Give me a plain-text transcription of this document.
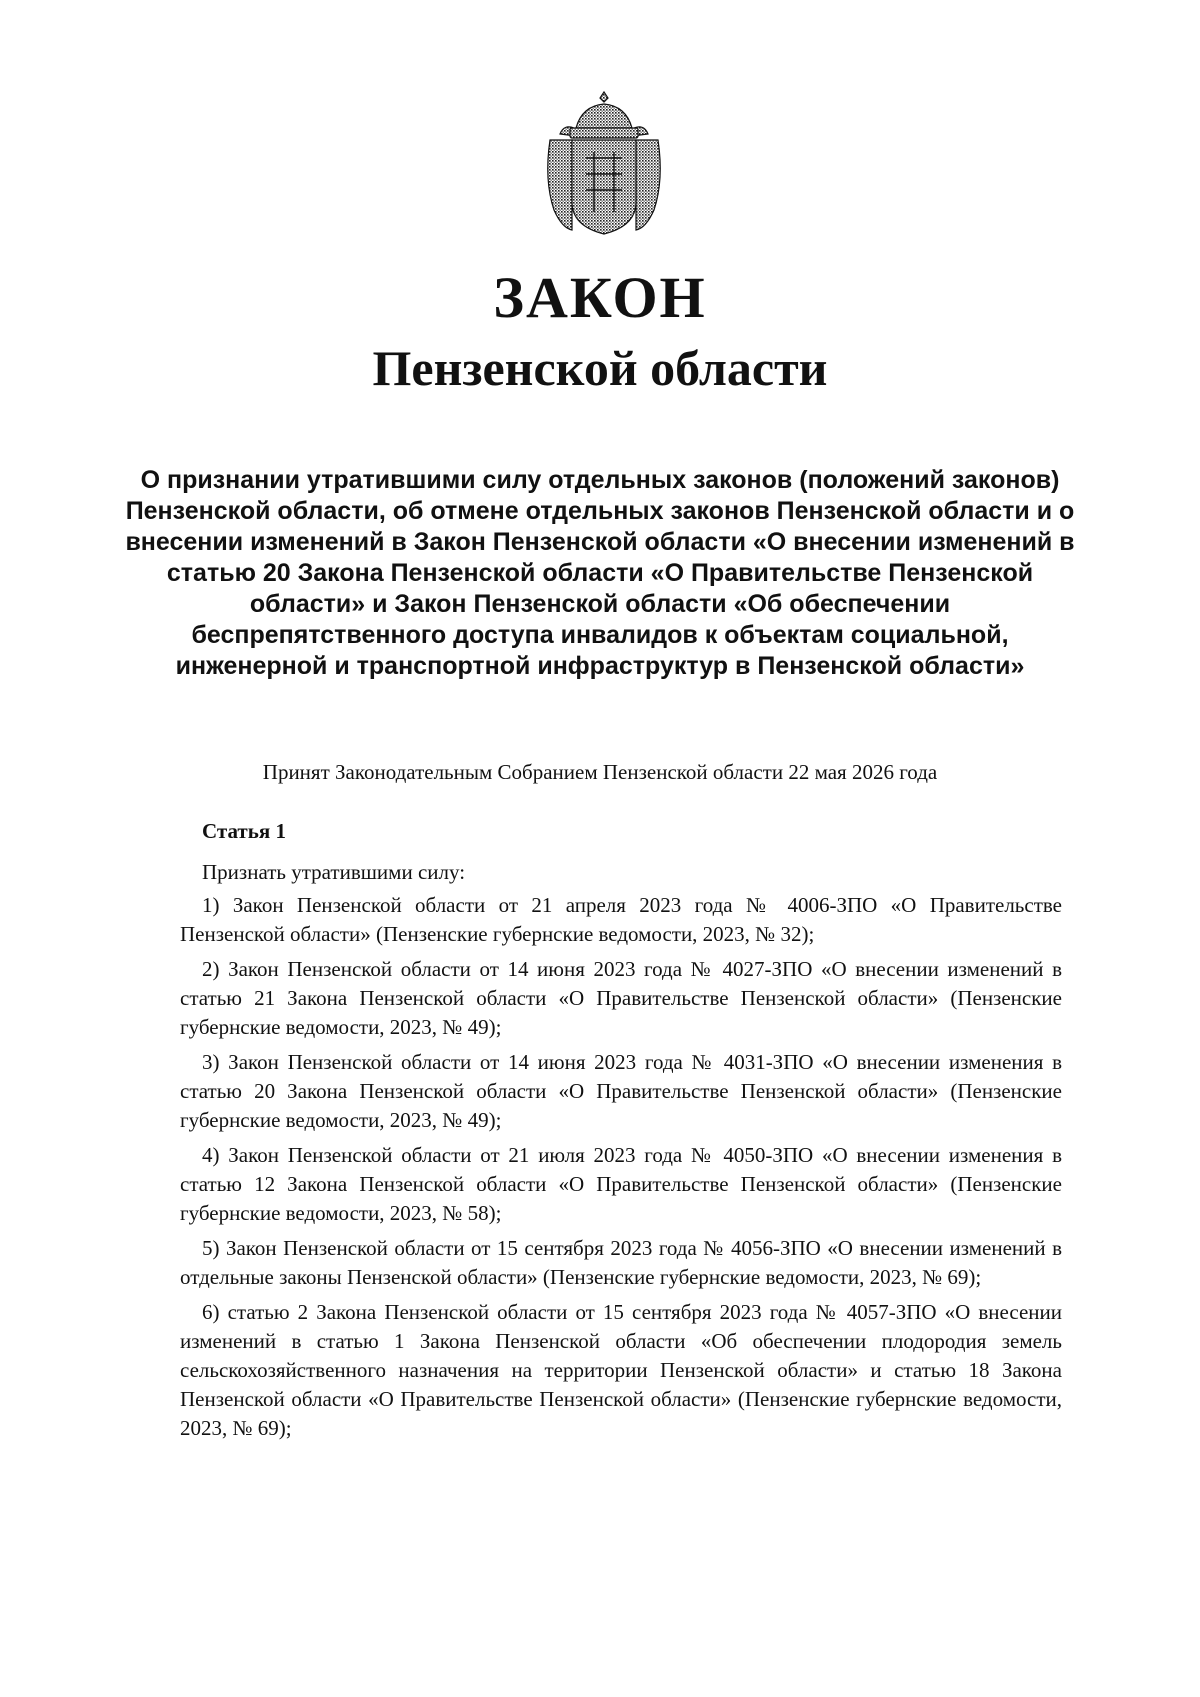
ЗАКОН
Пензенской области
О признании утратившими силу отдельных законов (положений законов) Пензенской области, об отмене отдельных законов Пензенской области и о внесении изменений в Закон Пензенской области «О внесении изменений в статью 20 Закона Пензенской области «О Правительстве Пензенской области» и Закон Пензенской области «Об обеспечении беспрепятственного доступа инвалидов к объектам социальной, инженерной и транспортной инфраструктур в Пензенской области»
Принят Законодательным Собранием Пензенской области 22 мая 2026 года
Статья 1

Признать утратившими силу:

1) Закон Пензенской области от 21 апреля 2023 года № 4006-ЗПО «О Правительстве Пензенской области» (Пензенские губернские ведомости, 2023, № 32);

2) Закон Пензенской области от 14 июня 2023 года № 4027-ЗПО «О внесении изменений в статью 21 Закона Пензенской области «О Правительстве Пензенской области» (Пензенские губернские ведомости, 2023, № 49);

3) Закон Пензенской области от 14 июня 2023 года № 4031-ЗПО «О внесении изменения в статью 20 Закона Пензенской области «О Правительстве Пензенской области» (Пензенские губернские ведомости, 2023, № 49);

4) Закон Пензенской области от 21 июля 2023 года № 4050-ЗПО «О внесении изменения в статью 12 Закона Пензенской области «О Правительстве Пензенской области» (Пензенские губернские ведомости, 2023, № 58);

5) Закон Пензенской области от 15 сентября 2023 года № 4056-ЗПО «О внесении изменений в отдельные законы Пензенской области» (Пензенские губернские ведомости, 2023, № 69);

6) статью 2 Закона Пензенской области от 15 сентября 2023 года № 4057-ЗПО «О внесении изменений в статью 1 Закона Пензенской области «Об обеспечении плодородия земель сельскохозяйственного назначения на территории Пензенской области» и статью 18 Закона Пензенской области «О Правительстве Пензенской области» (Пензенские губернские ведомости, 2023, № 69);
